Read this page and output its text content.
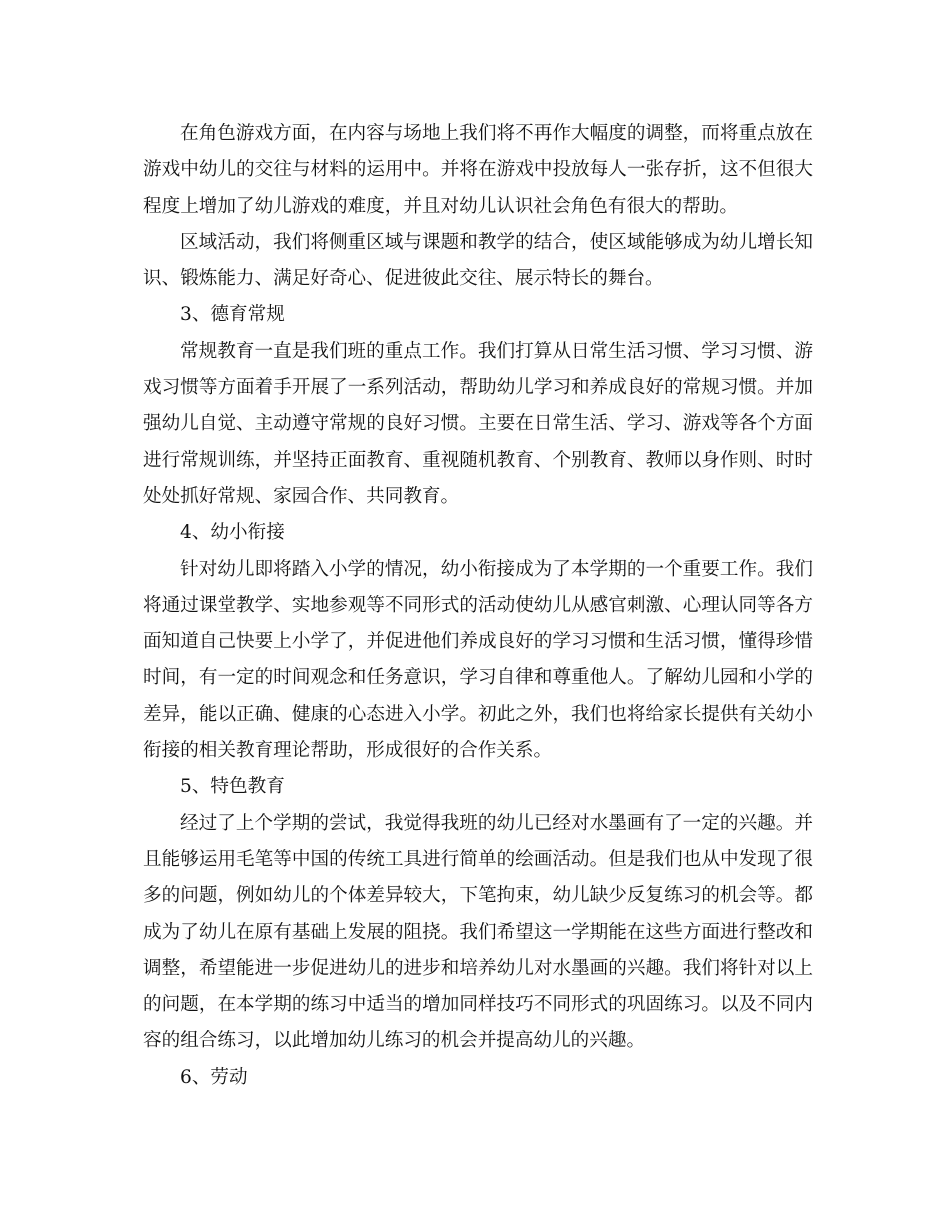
在角色游戏方面，在内容与场地上我们将不再作大幅度的调整，而将重点放在游戏中幼儿的交往与材料的运用中。并将在游戏中投放每人一张存折，这不但很大程度上增加了幼儿游戏的难度，并且对幼儿认识社会角色有很大的帮助。

区域活动，我们将侧重区域与课题和教学的结合，使区域能够成为幼儿增长知识、锻炼能力、满足好奇心、促进彼此交往、展示特长的舞台。

3、德育常规

常规教育一直是我们班的重点工作。我们打算从日常生活习惯、学习习惯、游戏习惯等方面着手开展了一系列活动，帮助幼儿学习和养成良好的常规习惯。并加强幼儿自觉、主动遵守常规的良好习惯。主要在日常生活、学习、游戏等各个方面进行常规训练，并坚持正面教育、重视随机教育、个别教育、教师以身作则、时时处处抓好常规、家园合作、共同教育。

4、幼小衔接

针对幼儿即将踏入小学的情况，幼小衔接成为了本学期的一个重要工作。我们将通过课堂教学、实地参观等不同形式的活动使幼儿从感官刺激、心理认同等各方面知道自己快要上小学了，并促进他们养成良好的学习习惯和生活习惯，懂得珍惜时间，有一定的时间观念和任务意识，学习自律和尊重他人。了解幼儿园和小学的差异，能以正确、健康的心态进入小学。初此之外，我们也将给家长提供有关幼小衔接的相关教育理论帮助，形成很好的合作关系。

5、特色教育

经过了上个学期的尝试，我觉得我班的幼儿已经对水墨画有了一定的兴趣。并且能够运用毛笔等中国的传统工具进行简单的绘画活动。但是我们也从中发现了很多的问题，例如幼儿的个体差异较大，下笔拘束，幼儿缺少反复练习的机会等。都成为了幼儿在原有基础上发展的阻挠。我们希望这一学期能在这些方面进行整改和调整，希望能进一步促进幼儿的进步和培养幼儿对水墨画的兴趣。我们将针对以上的问题，在本学期的练习中适当的增加同样技巧不同形式的巩固练习。以及不同内容的组合练习，以此增加幼儿练习的机会并提高幼儿的兴趣。

6、劳动
